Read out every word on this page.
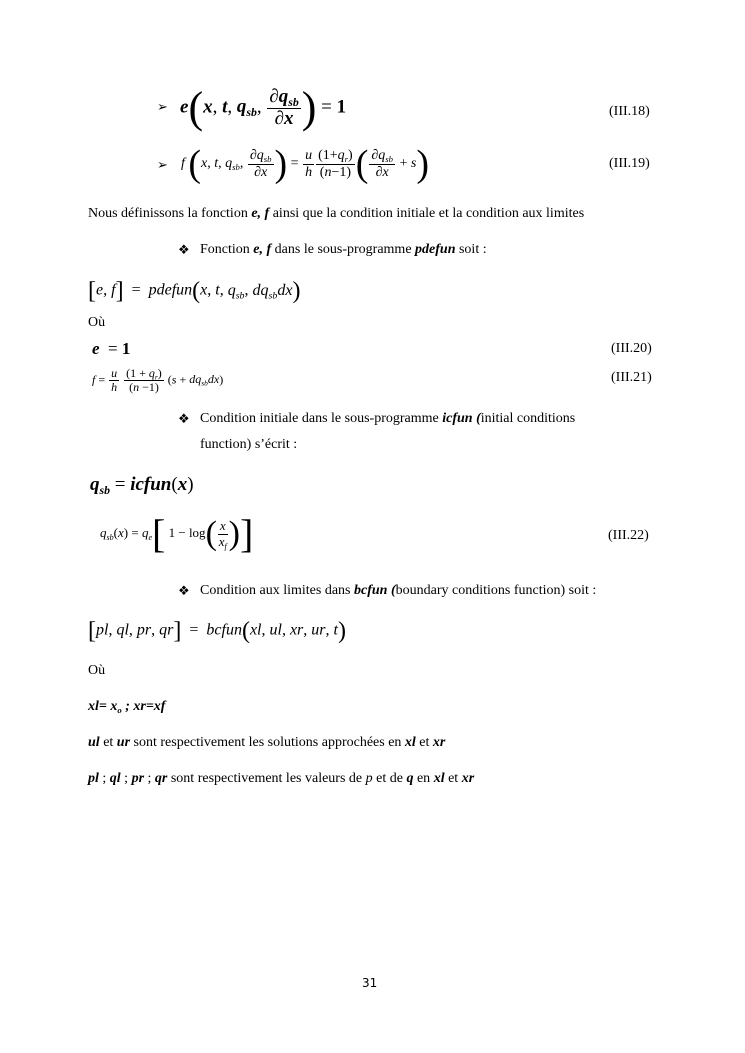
➢ e(x, t, $q_{sb}$, $\frac{\partial q_{sb}}{\partial x}$ ) = 1	(III.18)
➢ f (x, t, $q_{sb}$, $\frac{\partial q_{sb}}{\partial x}$ ) = $\frac{u}{h} \frac{(1+q_r)}{(n-1)}$ ( $\frac{\partial q_{sb}}{\partial x} + s$)	(III.19)
Nous définissons la fonction e, f ainsi que la condition initiale et la condition aux limites
❖ Fonction e, f dans le sous-programme pdefun soit :
[e, f]  =  pdefun(x, t, $q_{sb}$, $dq_{sb}dx$)
Où
e  = 1	(III.20)
$f = \frac{u}{h}$
$\frac{(1 + q_r)}{(n -1)} (s + dq_{sb}dx)$	(III.21)
❖ Condition initiale dans le sous-programme icfun (initial conditions
function) s’écrit :
$q_{sb}$ = icfun(x)
$q_{sb}(x) = q_e$[ $1 - \log( \frac{x}{x_f}$ )]	(III.22)
❖ Condition aux limites dans bcfun (boundary conditions function) soit :
[pl, ql, pr, qr]  =  bcfun(xl, ul, xr, ur, t)
Où
$xl= x_o$ ; xr=xf
ul et ur sont respectivement les solutions approchées en xl et xr
pl ; ql ; pr ; qr sont respectivement les valeurs de p et de q en xl et xr
31
